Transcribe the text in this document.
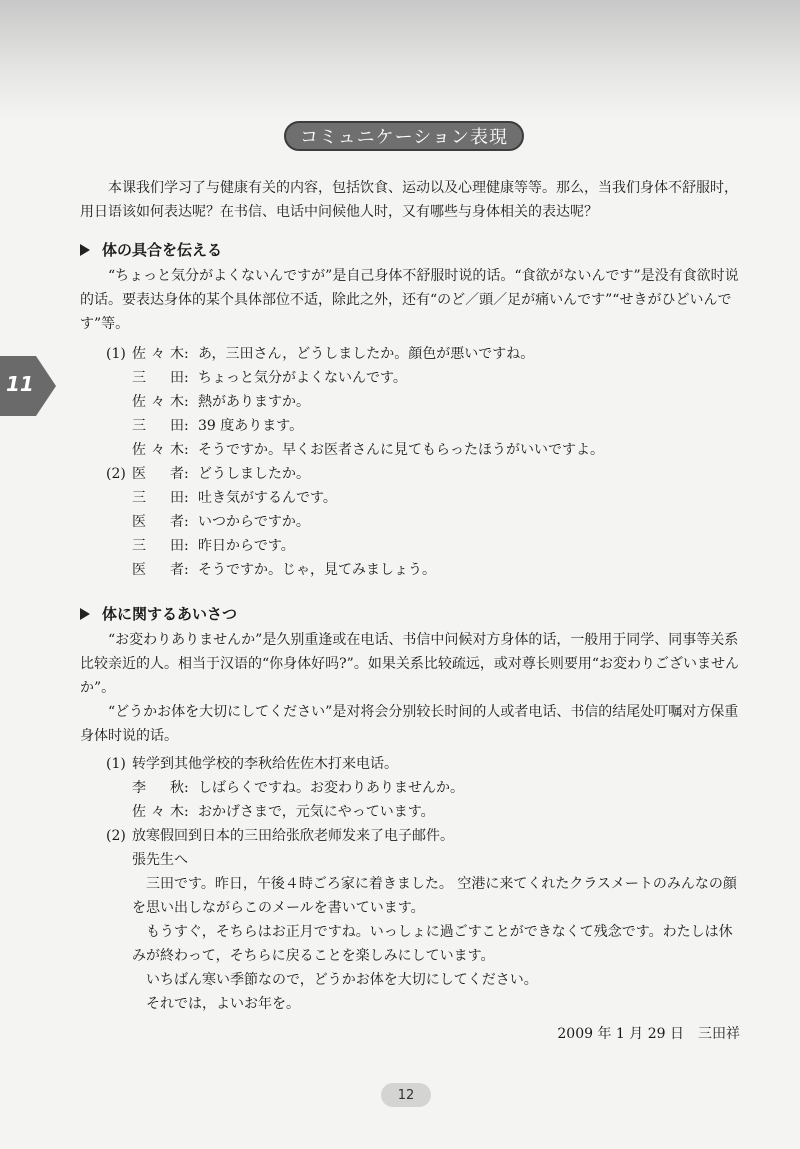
コミュニケーション表現
11

本课我们学习了与健康有关的内容，包括饮食、运动以及心理健康等等。那么，当我们身体不舒服时，用日语该如何表达呢？在书信、电话中问候他人时，又有哪些与身体相关的表达呢？

体の具合を伝える

“ちょっと気分がよくないんですが”是自己身体不舒服时说的话。“食欲がないんです”是没有食欲时说的话。要表达身体的某个具体部位不适，除此之外，还有“のど／頭／足が痛いんです”“せきがひどいんです”等。

(1) 佐々木 : あ，三田さん，どうしましたか。顔色が悪いですね。
三　田 : ちょっと気分がよくないんです。
佐々木 : 熱がありますか。
三　田 : 39 度あります。
佐々木 : そうですか。早くお医者さんに見てもらったほうがいいですよ。
(2) 医　者 : どうしましたか。
三　田 : 吐き気がするんです。
医　者 : いつからですか。
三　田 : 昨日からです。
医　者 : そうですか。じゃ，見てみましょう。
体に関するあいさつ

“お変わりありませんか”是久别重逢或在电话、书信中问候对方身体的话，一般用于同学、同事等关系比较亲近的人。相当于汉语的“你身体好吗?”。如果关系比较疏远，或对尊长则要用“お変わりございませんか”。

“どうかお体を大切にしてください”是对将会分别较长时间的人或者电话、书信的结尾处叮嘱对方保重身体时说的话。

(1) 转学到其他学校的李秋给佐佐木打来电话。
李　秋 : しばらくですね。お変わりありませんか。
佐々木 : おかげさまで，元気にやっています。
(2) 放寒假回到日本的三田给张欣老师发来了电子邮件。
張先生へ

三田です。昨日，午後４時ごろ家に着きました。 空港に来てくれたクラスメートのみんなの顔を思い出しながらこのメールを書いています。

もうすぐ，そちらはお正月ですね。いっしょに過ごすことができなくて残念です。わたしは休みが終わって，そちらに戻ることを楽しみにしています。

いちばん寒い季節なので，どうかお体を大切にしてください。

それでは，よいお年を。

2009 年 1 月 29 日　三田祥
12
